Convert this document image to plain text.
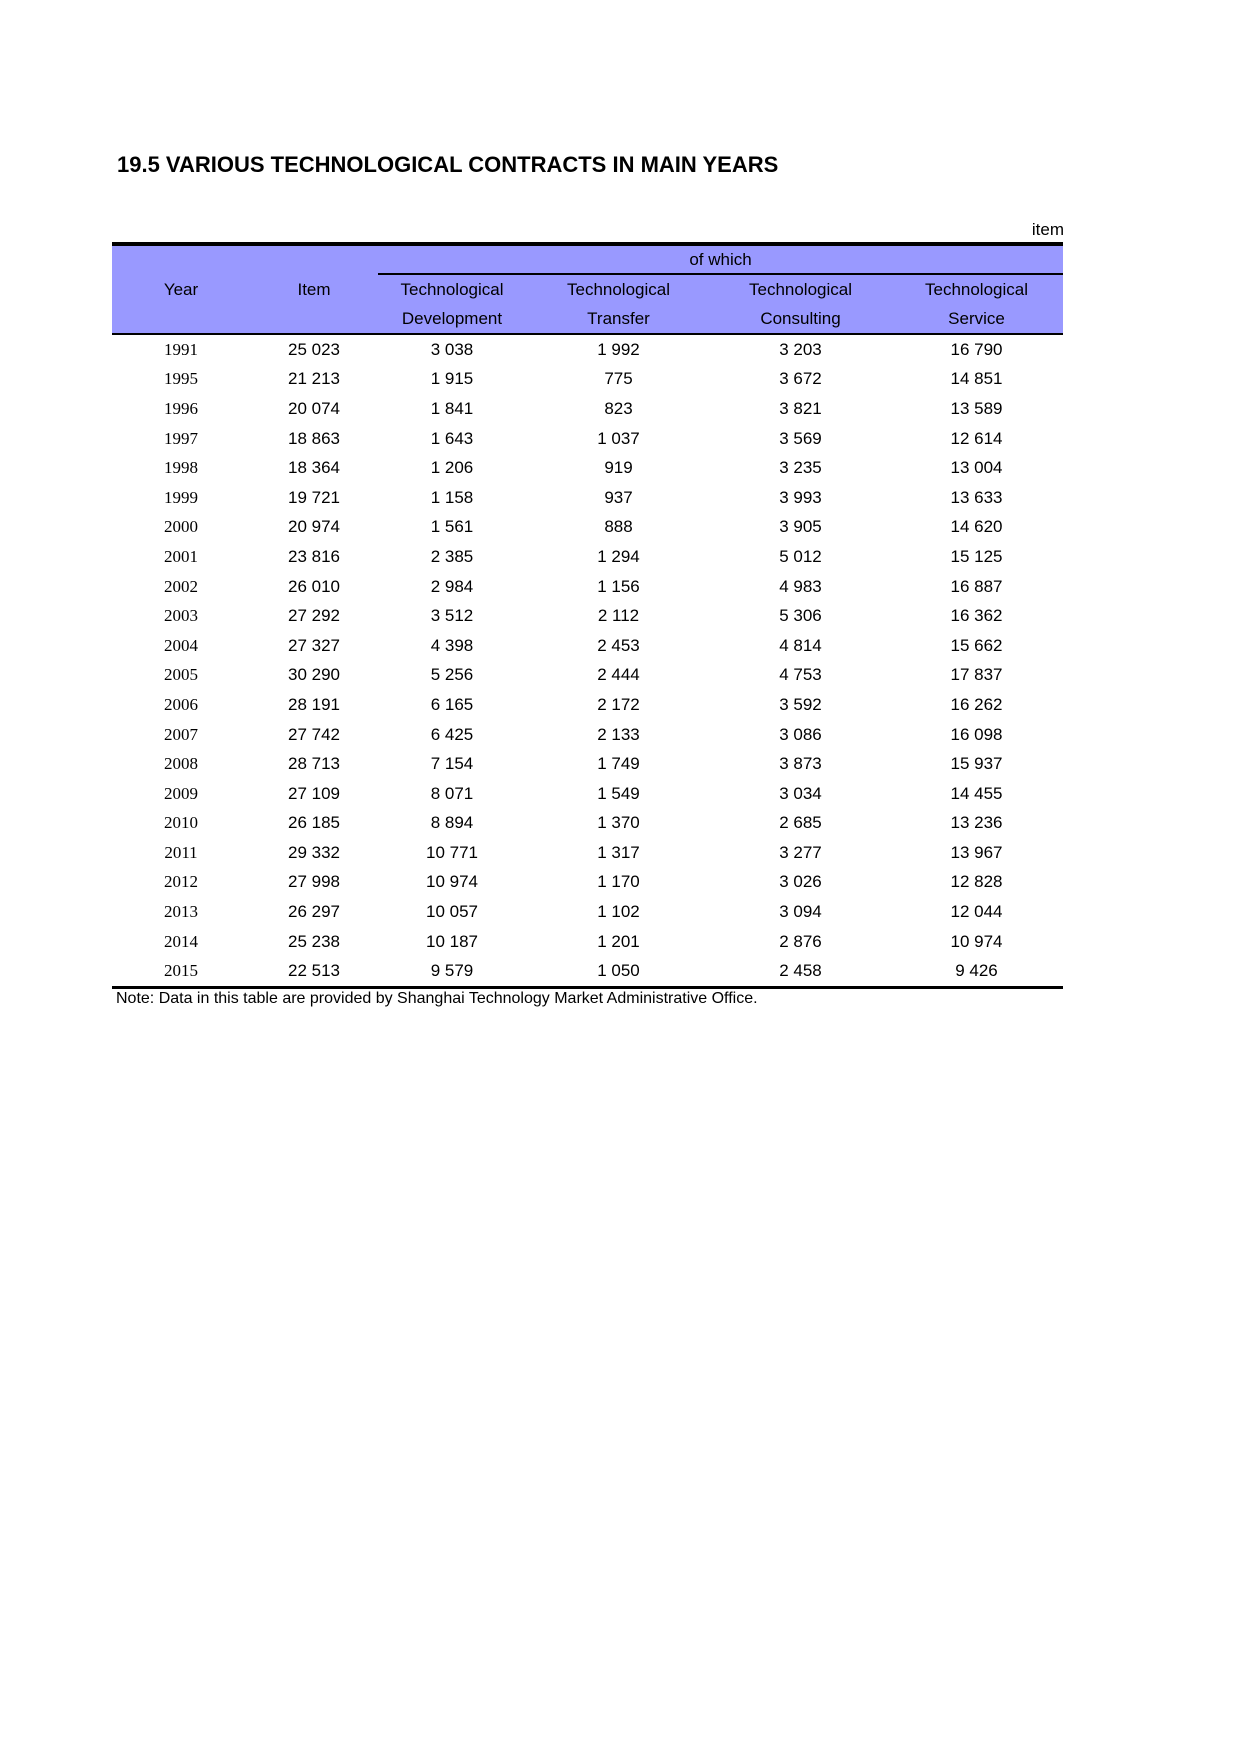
19.5 VARIOUS TECHNOLOGICAL CONTRACTS IN MAIN YEARS
item
		of which			
Year	Item	Technological	Technological	Technological	Technological
		Development	Transfer	Consulting	Service
1991	25 023	3 038	1 992	3 203	16 790
1995	21 213	1 915	775	3 672	14 851
1996	20 074	1 841	823	3 821	13 589
1997	18 863	1 643	1 037	3 569	12 614
1998	18 364	1 206	919	3 235	13 004
1999	19 721	1 158	937	3 993	13 633
2000	20 974	1 561	888	3 905	14 620
2001	23 816	2 385	1 294	5 012	15 125
2002	26 010	2 984	1 156	4 983	16 887
2003	27 292	3 512	2 112	5 306	16 362
2004	27 327	4 398	2 453	4 814	15 662
2005	30 290	5 256	2 444	4 753	17 837
2006	28 191	6 165	2 172	3 592	16 262
2007	27 742	6 425	2 133	3 086	16 098
2008	28 713	7 154	1 749	3 873	15 937
2009	27 109	8 071	1 549	3 034	14 455
2010	26 185	8 894	1 370	2 685	13 236
2011	29 332	10 771	1 317	3 277	13 967
2012	27 998	10 974	1 170	3 026	12 828
2013	26 297	10 057	1 102	3 094	12 044
2014	25 238	10 187	1 201	2 876	10 974
2015	22 513	9 579	1 050	2 458	9 426
Note: Data in this table are provided by Shanghai Technology Market Administrative Office.
